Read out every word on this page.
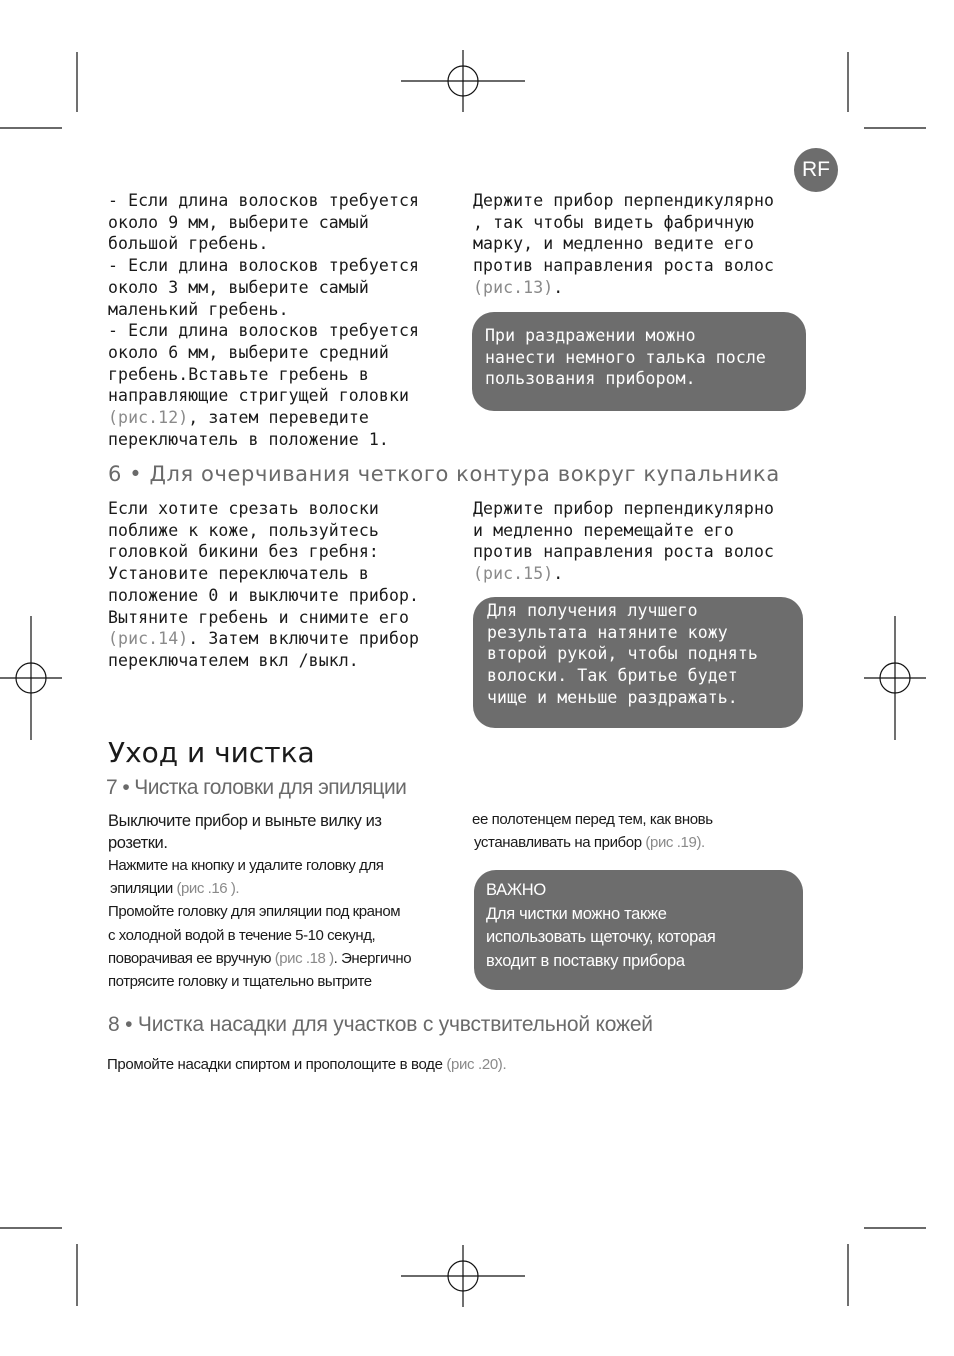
RF
- Если длина волосков требуется
около 9 мм, выберите самый
большой гребень.
- Если длина волосков требуется
около 3 мм, выберите самый
маленький гребень.
- Если длина волосков требуется
около 6 мм, выберите средний
гребень.Вставьте гребень в
направляющие стригущей головки
(рис.12), затем переведите
переключатель в положение 1.
Держите прибор перпендикулярно
, так чтобы видеть фабричную
марку, и медленно ведите его
против направления роста волос
(рис.13).
При раздражении можно
нанести немного талька после
пользования прибором.
6 • Для очерчивания четкого контура вокруг купальника
Если хотите срезать волоски
поближе к коже, пользуйтесь
головкой бикини без гребня:
Установите переключатель в
положение 0 и выключите прибор.
Вытяните гребень и снимите его
(рис.14). Затем включите прибор
переключателем вкл /выкл.
Держите прибор перпендикулярно
и медленно перемещайте его
против направления роста волос
(рис.15).
Для получения лучшего
результата натяните кожу
второй рукой, чтобы поднять
волоски. Так бритье будет
чище и меньше раздражать.
Уход и чистка
7 • Чистка головки для эпиляции
Выключите прибор и выньте вилку из
розетки.
Нажмите на кнопку и удалите головку для
эпиляции (рис .16 ).
Промойте головку для эпиляции под краном
с холодной водой в течение 5-10 секунд,
поворачивая ее вручную (рис .18 ). Энергично
потрясите головку и тщательно вытрите
ее полотенцем перед тем, как вновь
устанавливать на прибор (рис .19).
ВАЖНО
Для чистки можно также
использовать щеточку, которая
входит в поставку прибора
8 • Чистка насадки для участков с учвствительной кожей
Промойте насадки спиртом и прополощите в воде (рис .20).
